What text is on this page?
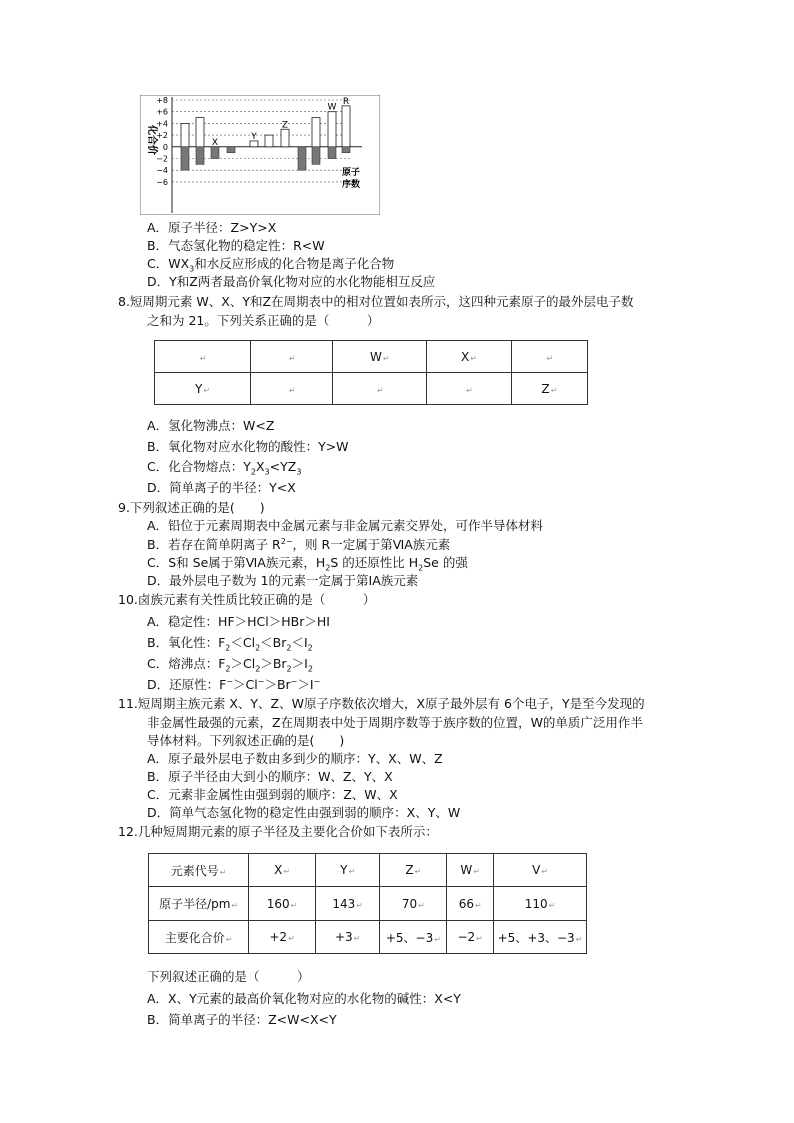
+8
+6
+4
+2
0
−2
−4
−6
X
Y
Z
W
R
化合价
原子
序数
A．原子半径：Z>Y>X
B．气态氢化物的稳定性：R<W
C．$WX_3$和水反应形成的化合物是离子化合物
D．Y和Z两者最高价氧化物对应的水化物能相互反应
8.短周期元素 W、X、Y和Z在周期表中的相对位置如表所示，这四种元素原子的最外层电子数
之和为 21。下列关系正确的是（　　　）
↵	↵	W↵	X↵	↵
Y↵	↵	↵	↵	Z↵
A．氢化物沸点：W<Z
B．氧化物对应水化物的酸性：Y>W
C．化合物熔点：$Y_2X_3<YZ_3$
D．简单离子的半径：Y<X
9.下列叙述正确的是(　　)
A．铅位于元素周期表中金属元素与非金属元素交界处，可作半导体材料
B．若存在简单阴离子 $R^{2-}$，则 R一定属于第ⅥA族元素
C．S和 Se属于第ⅥA族元素，$H_2S$ 的还原性比 $H_2Se$ 的强
D．最外层电子数为 1的元素一定属于第ⅠA族元素
10.卤族元素有关性质比较正确的是（　　　）
A．稳定性：HF＞HCl＞HBr＞HI
B．氧化性：$F_2<Cl_2<Br_2<I_2$
C．熔沸点：$F_2>Cl_2>Br_2>I_2$
D．还原性：F−＞Cl−＞Br−＞I−
11.短周期主族元素 X、Y、Z、W原子序数依次增大，X原子最外层有 6个电子，Y是至今发现的
非金属性最强的元素，Z在周期表中处于周期序数等于族序数的位置，W的单质广泛用作半
导体材料。下列叙述正确的是(　　)
A．原子最外层电子数由多到少的顺序：Y、X、W、Z
B．原子半径由大到小的顺序：W、Z、Y、X
C．元素非金属性由强到弱的顺序：Z、W、X
D．简单气态氢化物的稳定性由强到弱的顺序：X、Y、W
12.几种短周期元素的原子半径及主要化合价如下表所示：
元素代号↵	X↵	Y↵	Z↵	W↵	V↵
原子半径/pm↵	160↵	143↵	70↵	66↵	110↵
主要化合价↵	+2↵	+3↵	+5、−3↵	−2↵	+5、+3、−3↵
下列叙述正确的是（　　　）
A．X、Y元素的最高价氧化物对应的水化物的碱性：X<Y
B．简单离子的半径：Z<W<X<Y
